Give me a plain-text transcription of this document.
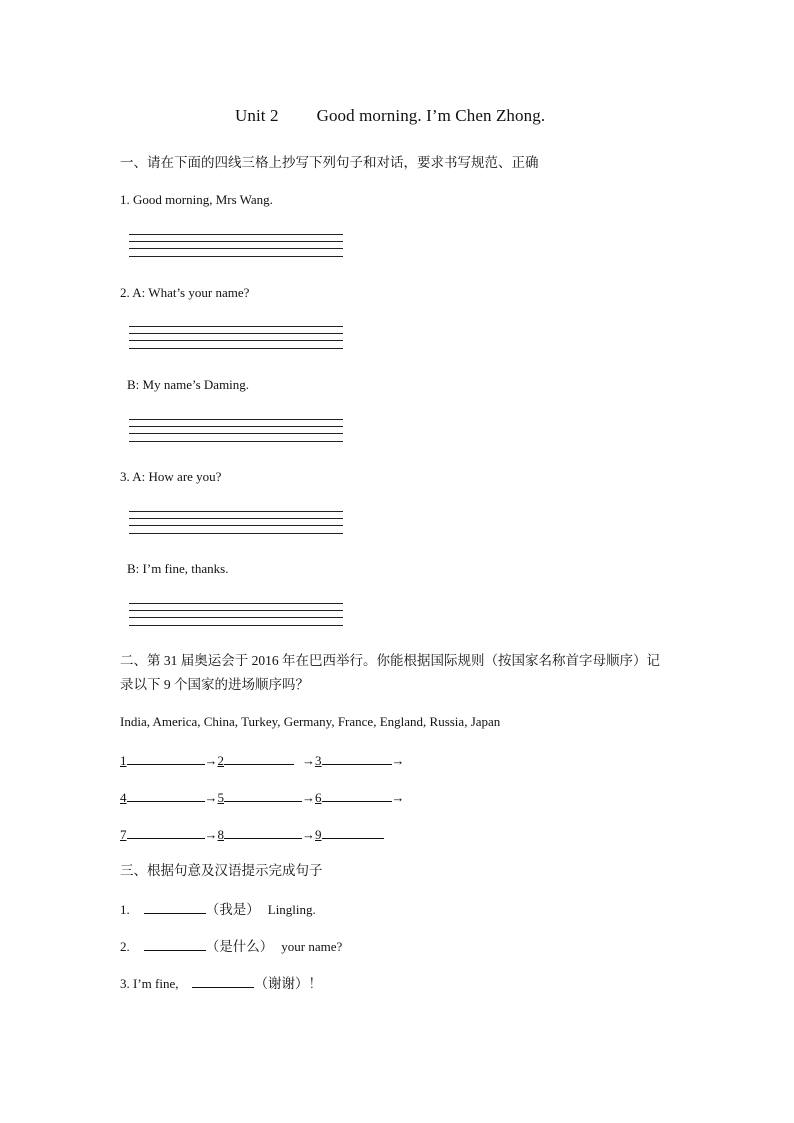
Unit 2 Good morning. I’m Chen Zhong.
一、请在下面的四线三格上抄写下列句子和对话，要求书写规范、正确
1. Good morning, Mrs Wang.
2. A: What’s your name?
B: My name’s Daming.
3. A: How are you?
B: I’m fine, thanks.
二、第 31 届奥运会于 2016 年在巴西举行。你能根据国际规则（按国家名称首字母顺序）记
录以下 9 个国家的进场顺序吗？
India, America, China, Turkey, Germany, France, England, Russia, Japan
1	→2	→3	→
4	→5	→6	→
7	→8	→9
三、根据句意及汉语提示完成句子
1.	（我是） Lingling.
2.	（是什么） your name?
3. I’m fine,	（谢谢）！
